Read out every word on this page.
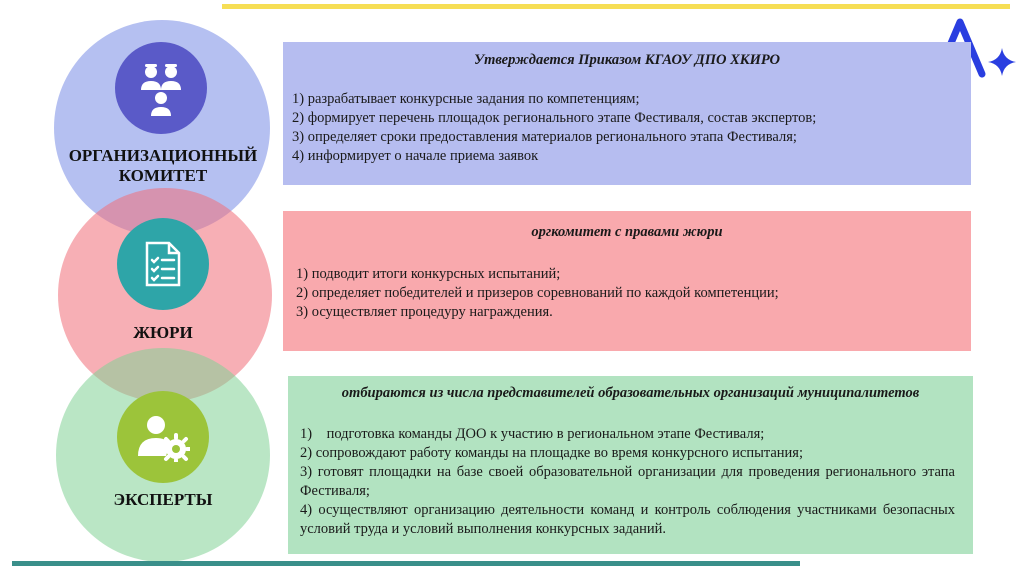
ОРГАНИЗАЦИОННЫЙ КОМИТЕТ
ЖЮРИ
ЭКСПЕРТЫ
Утверждается Приказом КГАОУ ДПО ХКИРО
1) разрабатывает конкурсные задания по компетенциям;
2) формирует перечень площадок регионального этапе Фестиваля, состав экспертов;
3) определяет сроки предоставления материалов регионального этапа Фестиваля;
4) информирует о начале приема заявок
оргкомитет с правами жюри
1) подводит итоги конкурсных испытаний;
2) определяет победителей и призеров соревнований по каждой компетенции;
3) осуществляет процедуру награждения.
отбираются из числа представителей образовательных организаций муниципалитетов
1)    подготовка команды ДОО к участию в региональном этапе Фестиваля;
2) сопровождают работу команды на площадке во время конкурсного испытания;
3) готовят площадки на базе своей образовательной организации для проведения регионального этапа Фестиваля;
4) осуществляют организацию деятельности команд и контроль соблюдения участниками безопасных условий труда и условий выполнения конкурсных заданий.
